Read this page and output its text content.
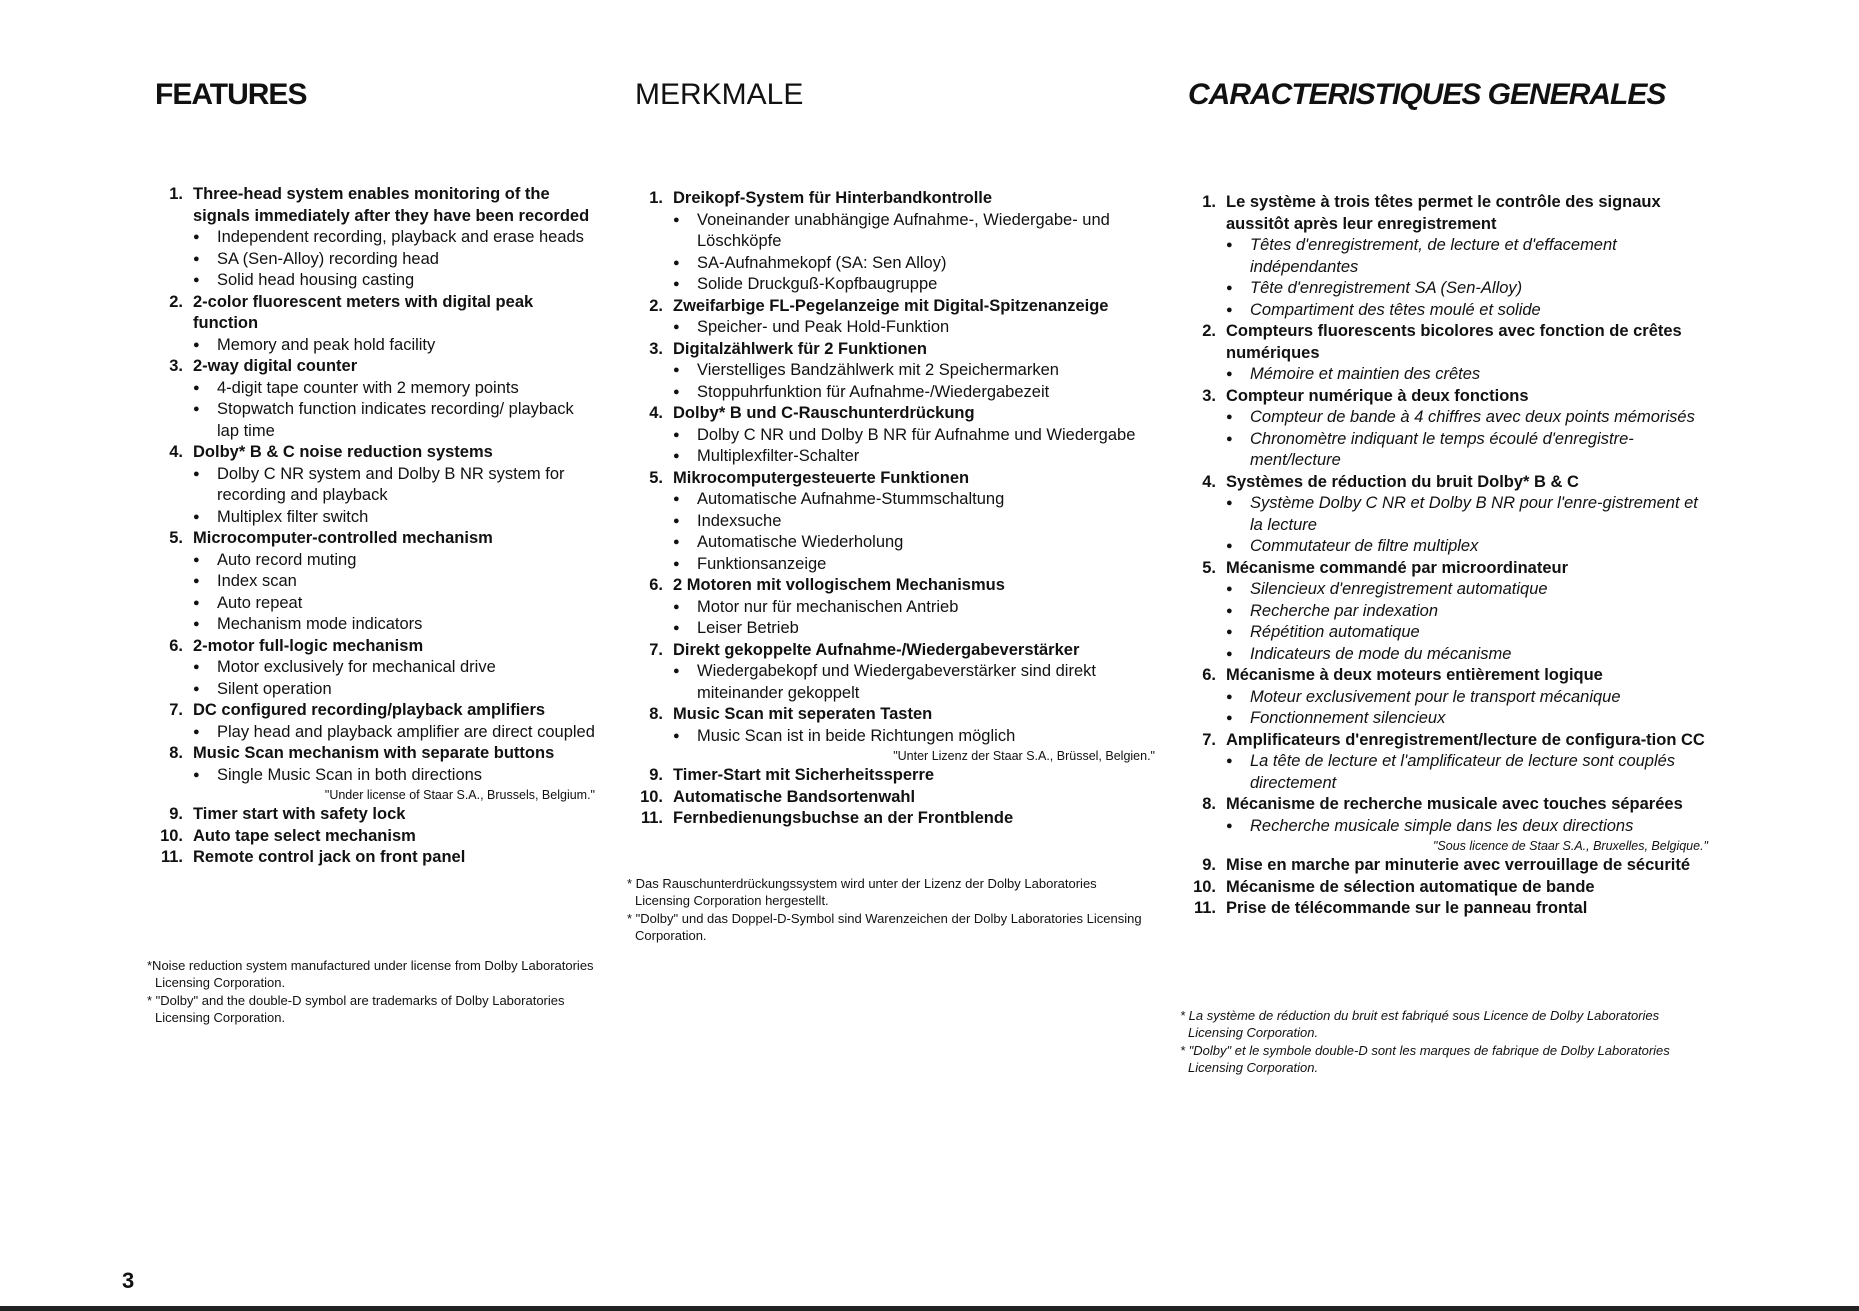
FEATURES
1. Three-head system enables monitoring of the signals immediately after they have been recorded
● Independent recording, playback and erase heads
● SA (Sen-Alloy) recording head
● Solid head housing casting
2. 2-color fluorescent meters with digital peak function
● Memory and peak hold facility
3. 2-way digital counter
● 4-digit tape counter with 2 memory points
● Stopwatch function indicates recording/ playback lap time
4. Dolby* B & C noise reduction systems
● Dolby C NR system and Dolby B NR system for recording and playback
● Multiplex filter switch
5. Microcomputer-controlled mechanism
● Auto record muting
● Index scan
● Auto repeat
● Mechanism mode indicators
6. 2-motor full-logic mechanism
● Motor exclusively for mechanical drive
● Silent operation
7. DC configured recording/playback amplifiers
● Play head and playback amplifier are direct coupled
8. Music Scan mechanism with separate buttons
● Single Music Scan in both directions
"Under license of Staar S.A., Brussels, Belgium."
9. Timer start with safety lock
10. Auto tape select mechanism
11. Remote control jack on front panel

*Noise reduction system manufactured under license from Dolby Laboratories Licensing Corporation.

* "Dolby" and the double-D symbol are trademarks of Dolby Laboratories Licensing Corporation.

MERKMALE
1. Dreikopf-System für Hinterbandkontrolle
● Voneinander unabhängige Aufnahme-, Wiedergabe- und Löschköpfe
● SA-Aufnahmekopf (SA: Sen Alloy)
● Solide Druckguß-Kopfbaugruppe
2. Zweifarbige FL-Pegelanzeige mit Digital-Spitzenanzeige
● Speicher- und Peak Hold-Funktion
3. Digitalzählwerk für 2 Funktionen
● Vierstelliges Bandzählwerk mit 2 Speichermarken
● Stoppuhrfunktion für Aufnahme-/Wiedergabezeit
4. Dolby* B und C-Rauschunterdrückung
● Dolby C NR und Dolby B NR für Aufnahme und Wiedergabe
● Multiplexfilter-Schalter
5. Mikrocomputergesteuerte Funktionen
● Automatische Aufnahme-Stummschaltung
● Indexsuche
● Automatische Wiederholung
● Funktionsanzeige
6. 2 Motoren mit vollogischem Mechanismus
● Motor nur für mechanischen Antrieb
● Leiser Betrieb
7. Direkt gekoppelte Aufnahme-/Wiedergabeverstärker
● Wiedergabekopf und Wiedergabeverstärker sind direkt miteinander gekoppelt
8. Music Scan mit seperaten Tasten
● Music Scan ist in beide Richtungen möglich
"Unter Lizenz der Staar S.A., Brüssel, Belgien."
9. Timer-Start mit Sicherheitssperre
10. Automatische Bandsortenwahl
11. Fernbedienungsbuchse an der Frontblende

* Das Rauschunterdrückungssystem wird unter der Lizenz der Dolby Laboratories Licensing Corporation hergestellt.

* "Dolby" und das Doppel-D-Symbol sind Warenzeichen der Dolby Laboratories Licensing Corporation.

CARACTERISTIQUES GENERALES
1. Le système à trois têtes permet le contrôle des signaux aussitôt après leur enregistrement
● Têtes d'enregistrement, de lecture et d'effacement indépendantes
● Tête d'enregistrement SA (Sen-Alloy)
● Compartiment des têtes moulé et solide
2. Compteurs fluorescents bicolores avec fonction de crêtes numériques
● Mémoire et maintien des crêtes
3. Compteur numérique à deux fonctions
● Compteur de bande à 4 chiffres avec deux points mémorisés
● Chronomètre indiquant le temps écoulé d'enregistre-ment/lecture
4. Systèmes de réduction du bruit Dolby* B & C
● Système Dolby C NR et Dolby B NR pour l'enre-gistrement et la lecture
● Commutateur de filtre multiplex
5. Mécanisme commandé par microordinateur
● Silencieux d'enregistrement automatique
● Recherche par indexation
● Répétition automatique
● Indicateurs de mode du mécanisme
6. Mécanisme à deux moteurs entièrement logique
● Moteur exclusivement pour le transport mécanique
● Fonctionnement silencieux
7. Amplificateurs d'enregistrement/lecture de configura-tion CC
● La tête de lecture et l'amplificateur de lecture sont couplés directement
8. Mécanisme de recherche musicale avec touches séparées
● Recherche musicale simple dans les deux directions
"Sous licence de Staar S.A., Bruxelles, Belgique."
9. Mise en marche par minuterie avec verrouillage de sécurité
10. Mécanisme de sélection automatique de bande
11. Prise de télécommande sur le panneau frontal

* La système de réduction du bruit est fabriqué sous Licence de Dolby Laboratories Licensing Corporation.

* "Dolby" et le symbole double-D sont les marques de fabrique de Dolby Laboratories Licensing Corporation.

3
